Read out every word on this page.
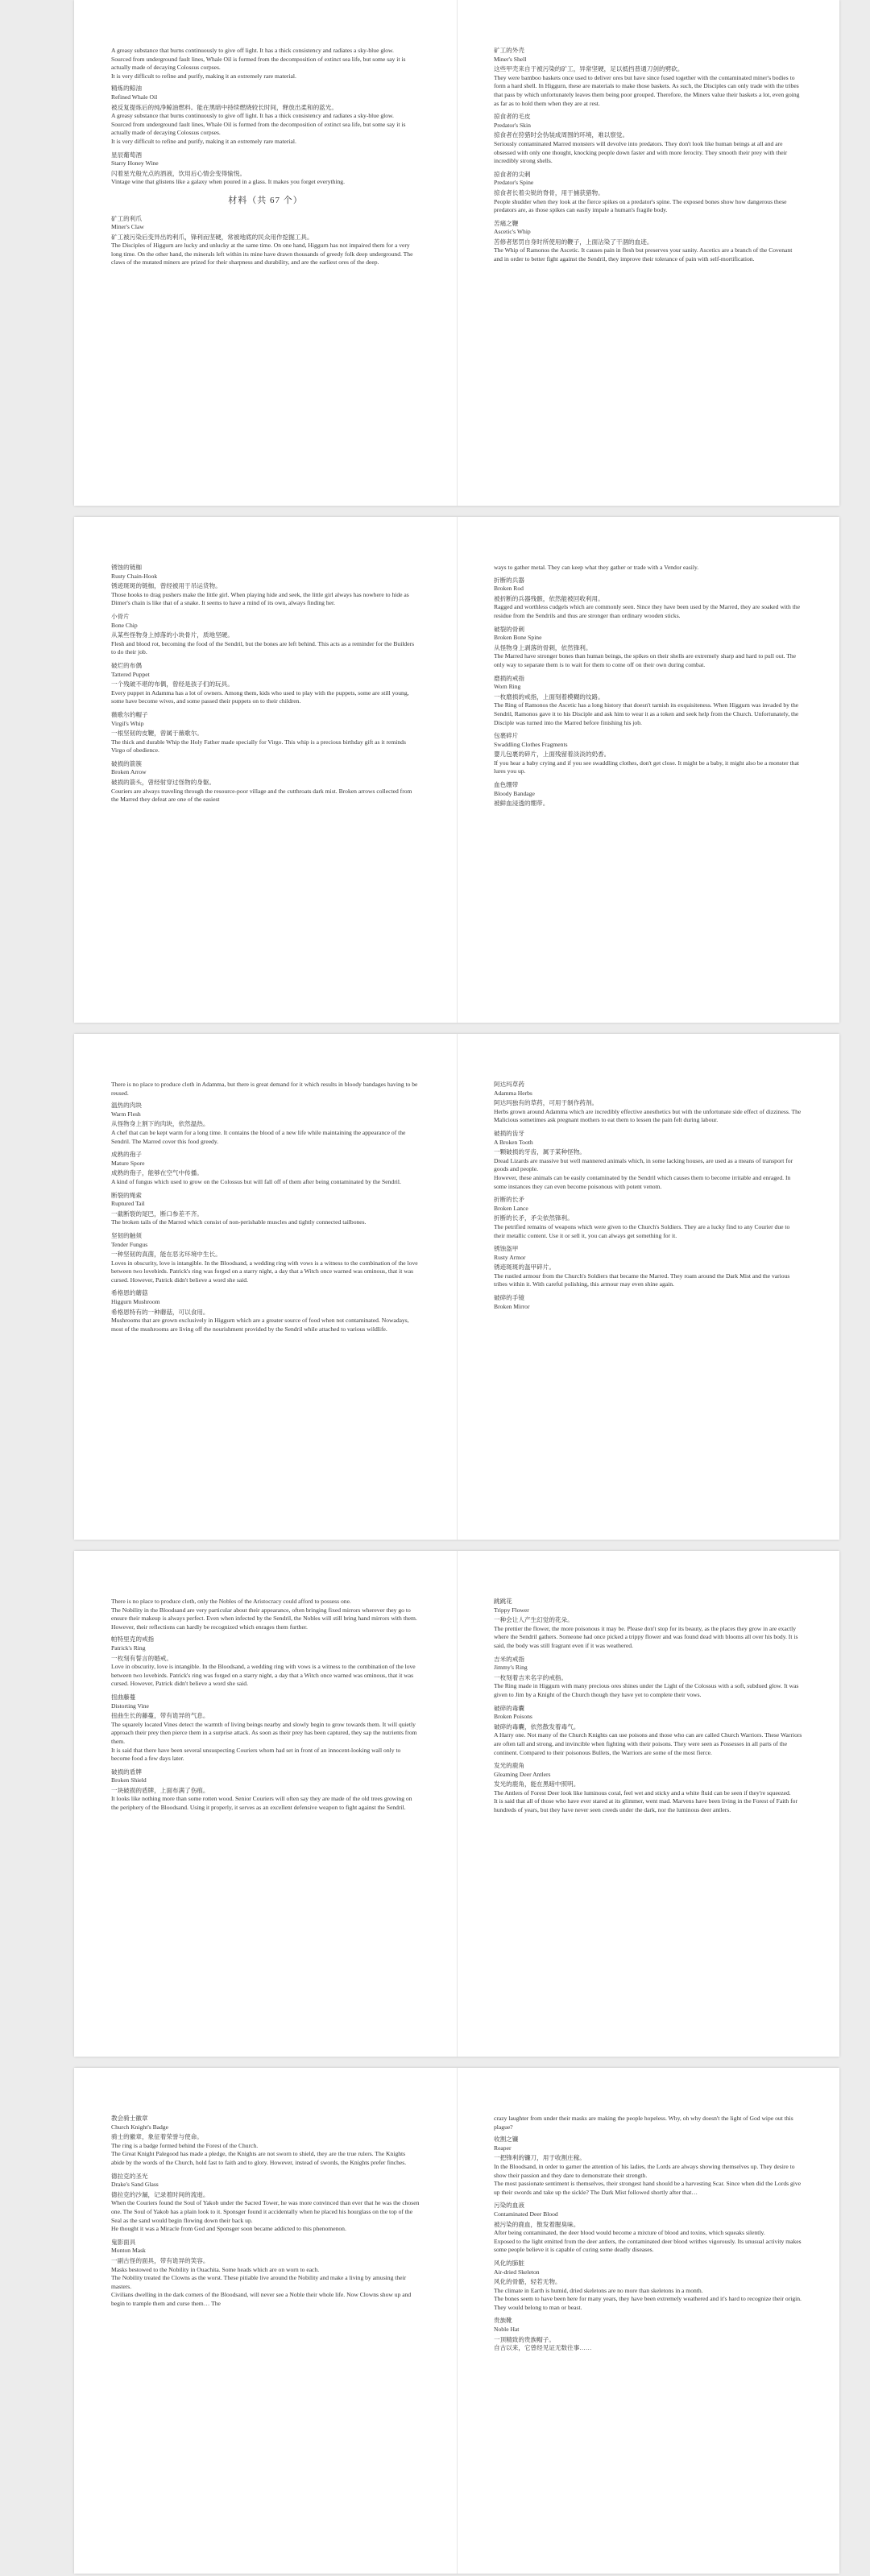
A greasy substance that burns continuously to give off light. It has a thick consistency and radiates a sky-blue glow.
Sourced from underground fault lines, Whale Oil is formed from the decomposition of extinct sea life, but some say it is actually made of decaying Colossus corpses.
It is very difficult to refine and purify, making it an extremely rare material.

精炼的鲸油
Refined Whale Oil
被反复提炼后的纯净鲸油燃料。能在黑暗中持续燃烧较长时间，释放出柔和的蓝光。
A greasy substance that burns continuously to give off light. It has a thick consistency and radiates a sky-blue glow.
Sourced from underground fault lines, Whale Oil is formed from the decomposition of extinct sea life, but some say it is actually made of decaying Colossus corpses.
It is very difficult to refine and purify, making it an extremely rare material.
星辰葡萄酒
Starry Honey Wine
闪着星光般光点的酒液，饮用后心情会变得愉悦。
Vintage wine that glistens like a galaxy when poured in a glass. It makes you forget everything.
材料（共 67 个）
矿工的利爪
Miner's Claw
矿工被污染后变异出的利爪，锋利而坚硬，常被地底的民众用作挖掘工具。
The Disciples of Higgurn are lucky and unlucky at the same time. On one hand, Higgurn has not impaired them for a very long time. On the other hand, the minerals left within its mine have drawn thousands of greedy folk deep underground. The claws of the mutated miners are prized for their sharpness and durability, and are the earliest ores of the deep.
矿工的外壳
Miner's Shell
这些甲壳来自于被污染的矿工，异常坚硬，足以抵挡普通刀剑的劈砍。
They were bamboo baskets once used to deliver ores but have since fused together with the contaminated miner's bodies to form a hard shell. In Higgurn, these are materials to make those baskets. As such, the Disciples can only trade with the tribes that pass by which unfortunately leaves them being poor grouped. Therefore, the Miners value their baskets a lot, even going as far as to hold them when they are at rest.
掠食者的毛皮
Predator's Skin
掠食者在狩猎时会伪装成周围的环境，难以察觉。
Seriously contaminated Marred monsters will devolve into predators. They don't look like human beings at all and are obsessed with only one thought, knocking people down faster and with more ferocity. They smooth their prey with their incredibly strong shells.
掠食者的尖刺
Predator's Spine
掠食者长着尖锐的脊骨，用于捕获猎物。
People shudder when they look at the fierce spikes on a predator's spine. The exposed bones show how dangerous these predators are, as those spikes can easily impale a human's fragile body.
苦痛之鞭
Ascetic's Whip
苦修者惩罚自身时所使用的鞭子，上面沾染了干涸的血迹。
The Whip of Ramonos the Ascetic. It causes pain in flesh but preserves your sanity. Ascetics are a branch of the Covenant and in order to better fight against the Sendril, they improve their tolerance of pain with self-mortification.
锈蚀的链枷
Rusty Chain-Hook
锈迹斑斑的链枷，曾经被用于吊运货物。
Those hooks to drag pushers make the little girl. When playing hide and seek, the little girl always has nowhere to hide as Dimer's chain is like that of a snake. It seems to have a mind of its own, always finding her.
小骨片
Bone Chip
从某些怪物身上掉落的小块骨片，质地坚硬。
Flesh and blood rot, becoming the food of the Sendril, but the bones are left behind. This acts as a reminder for the Builders to do their job.
破烂的布偶
Tattered Puppet
一个残破不堪的布偶，曾经是孩子们的玩具。
Every puppet in Adamma has a lot of owners. Among them, kids who used to play with the puppets, some are still young, some have become wives, and some passed their puppets on to their children.
薇歌尔的帽子
Virgil's Whip
一根坚韧的皮鞭，曾属于薇歌尔。
The thick and durable Whip the Holy Father made specially for Virgo. This whip is a precious birthday gift as it reminds Virgo of obedience.
破损的箭簇
Broken Arrow
破损的箭头，曾经射穿过怪物的身躯。
Couriers are always traveling through the resource-poor village and the cutthroats dark mist. Broken arrows collected from the Marred they defeat are one of the easiest

ways to gather metal. They can keep what they gather or trade with a Vendor easily.

折断的兵器
Broken Rod
被折断的兵器残骸，依然能被回收利用。
Ragged and worthless cudgels which are commonly seen. Since they have been used by the Marred, they are soaked with the residue from the Sendrils and thus are stronger than ordinary wooden sticks.
破裂的骨刺
Broken Bone Spine
从怪物身上剥落的骨刺，依然锋利。
The Marred have stronger bones than human beings, the spikes on their shells are extremely sharp and hard to pull out. The only way to separate them is to wait for them to come off on their own during combat.
磨损的戒指
Worn Ring
一枚磨损的戒指，上面刻着模糊的纹路。
The Ring of Ramonos the Ascetic has a long history that doesn't tarnish its exquisiteness. When Higgurn was invaded by the Sendril, Ramonos gave it to his Disciple and ask him to wear it as a token and seek help from the Church. Unfortunately, the Disciple was turned into the Marred before finishing his job.
包裹碎片
Swaddling Clothes Fragments
婴儿包裹的碎片，上面残留着淡淡的奶香。
If you hear a baby crying and if you see swaddling clothes, don't get close. It might be a baby, it might also be a monster that lures you up.
血色绷带
Bloody Bandage
被鲜血浸透的绷带。

There is no place to produce cloth in Adamma, but there is great demand for it which results in bloody bandages having to be reused.

温热的肉块
Warm Flesh
从怪物身上割下的肉块，依然温热。
A chef that can be kept warm for a long time. It contains the blood of a new life while maintaining the appearance of the Sendril. The Marred cover this food greedy.
成熟的孢子
Mature Spore
成熟的孢子，能够在空气中传播。
A kind of fungus which used to grow on the Colossus but will fall off of them after being contaminated by the Sendril.
断裂的绳索
Ruptured Tail
一截断裂的尾巴，断口参差不齐。
The broken tails of the Marred which consist of non-perishable muscles and tightly connected tailbones.
坚韧的触须
Tender Fungus
一种坚韧的真菌，能在恶劣环境中生长。
Loves in obscurity, love is intangible. In the Bloodsand, a wedding ring with vows is a witness to the combination of the love between two lovebirds. Patrick's ring was forged on a starry night, a day that a Witch once warned was ominous, that it was cursed. However, Patrick didn't believe a word she said.
希格恩的蘑菇
Higgurn Mushroom
希格恩特有的一种蘑菇，可以食用。
Mushrooms that are grown exclusively in Higgurn which are a greater source of food when not contaminated. Nowadays, most of the mushrooms are living off the nourishment provided by the Sendril while attached to various wildlife.
阿达玛草药
Adamma Herbs
阿达玛独有的草药，可用于制作药剂。
Herbs grown around Adamma which are incredibly effective anesthetics but with the unfortunate side effect of dizziness. The Malicious sometimes ask pregnant mothers to eat them to lessen the pain felt during labour.
破损的齿牙
A Broken Tooth
一颗破损的牙齿，属于某种怪物。
Dread Lizards are massive but well mannered animals which, in some lacking houses, are used as a means of transport for goods and people.
However, these animals can be easily contaminated by the Sendril which causes them to become irritable and enraged. In some instances they can even become poisonous with potent venom.
折断的长矛
Broken Lance
折断的长矛，矛尖依然锋利。
The petrified remains of weapons which were given to the Church's Soldiers. They are a lucky find to any Courier due to their metallic content. Use it or sell it, you can always get something for it.
锈蚀盔甲
Rusty Armor
锈迹斑斑的盔甲碎片。
The rustled armour from the Church's Soldiers that became the Marred. They roam around the Dark Mist and the various tribes within it. With careful polishing, this armour may even shine again.
破碎的手镜
Broken Mirror

There is no place to produce cloth, only the Nobles of the Aristocracy could afford to possess one.
The Nobility in the Bloodsand are very particular about their appearance, often bringing fixed mirrors wherever they go to ensure their makeup is always perfect. Even when infected by the Sendril, the Nobles will still bring hand mirrors with them. However, their reflections can hardly be recognized which enrages them further.

帕特里克的戒指
Patrick's Ring
一枚刻有誓言的婚戒。
Love in obscurity, love is intangible. In the Bloodsand, a wedding ring with vows is a witness to the combination of the love between two lovebirds. Patrick's ring was forged on a starry night, a day that a Witch once warned was ominous, that it was cursed. However, Patrick didn't believe a word she said.
扭曲藤蔓
Distorting Vine
扭曲生长的藤蔓，带有诡异的气息。
The squarely located Vines detect the warmth of living beings nearby and slowly begin to grow towards them. It will quietly approach their prey then pierce them in a surprise attack. As soon as their prey has been captured, they sap the nutrients from them.
It is said that there have been several unsuspecting Couriers whom had set in front of an innocent-looking wall only to become food a few days later.
破损的盾牌
Broken Shield
一块破损的盾牌，上面布满了伤痕。
It looks like nothing more than some rotten wood. Senior Couriers will often say they are made of the old trees growing on the periphery of the Bloodsand. Using it properly, it serves as an excellent defensive weapon to fight against the Sendril.
跳跳花
Trippy Flower
一种会让人产生幻觉的花朵。
The prettier the flower, the more poisonous it may be. Please don't stop for its beauty, as the places they grow in are exactly where the Sendril gathers. Someone had once picked a trippy flower and was found dead with blooms all over his body. It is said, the body was still fragrant even if it was weathered.
吉米的戒指
Jimmy's Ring
一枚刻着吉米名字的戒指。
The Ring made in Higgurn with many precious ores shines under the Light of the Colossus with a soft, subdued glow. It was given to Jim by a Knight of the Church though they have yet to complete their vows.
破碎的毒囊
Broken Poisons
破碎的毒囊，依然散发着毒气。
A Harry one. Not many of the Church Knights can use poisons and those who can are called Church Warriors. These Warriors are often tall and strong, and invincible when fighting with their poisons. They were seen as Possesses in all parts of the continent. Compared to their poisonous Bullets, the Warriors are some of the most fierce.
发光的鹿角
Gleaming Deer Antlers
发光的鹿角，能在黑暗中照明。
The Antlers of Forest Deer look like luminous coral, feel wet and sticky and a white fluid can be seen if they're squeezed.
It is said that all of those who have ever stared at its glimmer, went mad. Marvens have been living in the Forest of Faith for hundreds of years, but they have never seen creeds under the dark, nor the luminous deer antlers.
教会骑士徽章
Church Knight's Badge
骑士的徽章，象征着荣誉与使命。
The ring is a badge formed behind the Forest of the Church.
The Great Knight Palegood has made a pledge, the Knights are not sworn to shield, they are the true rulers. The Knights abide by the words of the Church, hold fast to faith and to glory. However, instead of swords, the Knights prefer finches.
德拉克的圣光
Drake's Sand Glass
德拉克的沙漏，记录着时间的流逝。
When the Couriers found the Soul of Yakob under the Sacred Tower, he was more convinced than ever that he was the chosen one. The Soul of Yakob has a plain look to it. Sponsger found it accidentally when he placed his hourglass on the top of the Seal as the sand would begin flowing down their back up.
He thought it was a Miracle from God and Sponsger soon became addicted to this phenomenon.
鬼影面具
Monton Mask
一副古怪的面具，带有诡异的笑容。
Masks bestowed to the Nobility in Ouachita. Some heads which are on worn to each.
The Nobility treated the Clowns as the worst. These pitiable live around the Nobility and make a living by amusing their masters.
Civilians dwelling in the dark corners of the Bloodsand, will never see a Noble their whole life. Now Clowns show up and begin to trample them and curse them… The

crazy laughter from under their masks are making the people hopeless. Why, oh why doesn't the light of God wipe out this plague?

收割之镰
Reaper
一把锋利的镰刀，用于收割庄稼。
In the Bloodsand, in order to garner the attention of his ladies, the Lords are always showing themselves up. They desire to show their passion and they dare to demonstrate their strength.
The most passionate sentiment is themselves, their strongest hand should be a harvesting Scar. Since when did the Lords give up their swords and take up the sickle? The Dark Mist followed shortly after that…
污染的血液
Contaminated Deer Blood
被污染的鹿血，散发着腥臭味。
After being contaminated, the deer blood would become a mixture of blood and toxins, which squeaks silently.
Exposed to the light emitted from the deer antlers, the contaminated deer blood writhes vigorously. Its unusual activity makes some people believe it is capable of curing some deadly diseases.
风化的肺脏
Air-dried Skeleton
风化的骨骼，轻若无物。
The climate in Earth is humid, dried skeletons are no more than skeletons in a month.
The bones seem to have been here for many years, they have been extremely weathered and it's hard to recognize their origin. They would belong to man or beast.
贵族靴
Noble Hat
一顶精致的贵族帽子。
自古以来，它曾经见证无数往事……
